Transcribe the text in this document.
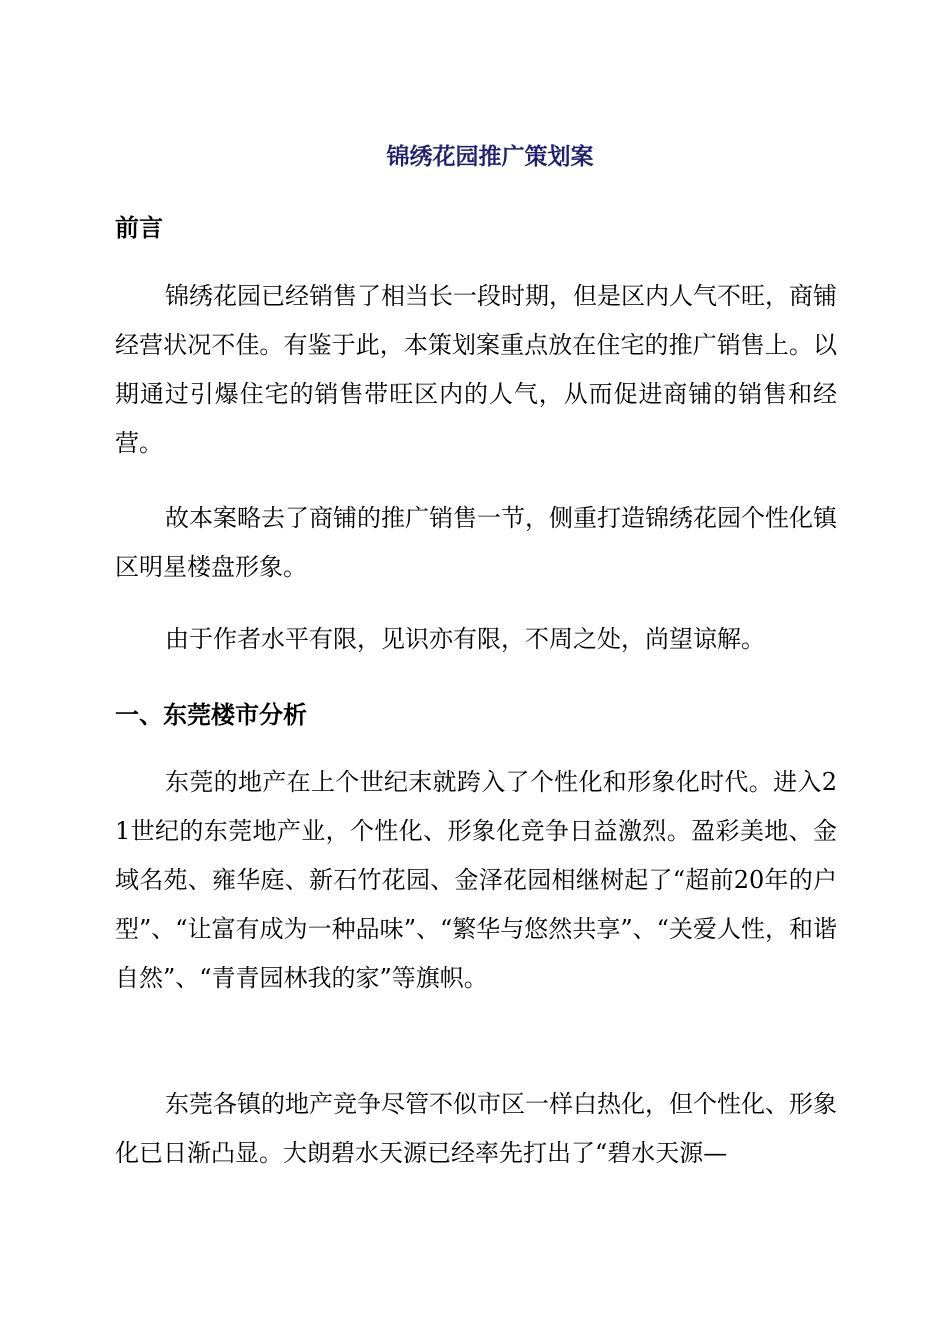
锦绣花园推广策划案
前言

锦绣花园已经销售了相当长一段时期，但是区内人气不旺，商铺经营状况不佳。有鉴于此，本策划案重点放在住宅的推广销售上。以期通过引爆住宅的销售带旺区内的人气，从而促进商铺的销售和经营。

故本案略去了商铺的推广销售一节，侧重打造锦绣花园个性化镇区明星楼盘形象。

由于作者水平有限，见识亦有限，不周之处，尚望谅解。

一、东莞楼市分析

东莞的地产在上个世纪末就跨入了个性化和形象化时代。进入21世纪的东莞地产业，个性化、形象化竞争日益激烈。盈彩美地、金域名苑、雍华庭、新石竹花园、金泽花园相继树起了“超前20年的户型”、“让富有成为一种品味”、“繁华与悠然共享”、“关爱人性，和谐自然”、“青青园林我的家”等旗帜。

东莞各镇的地产竞争尽管不似市区一样白热化，但个性化、形象化已日渐凸显。大朗碧水天源已经率先打出了“碧水天源—
